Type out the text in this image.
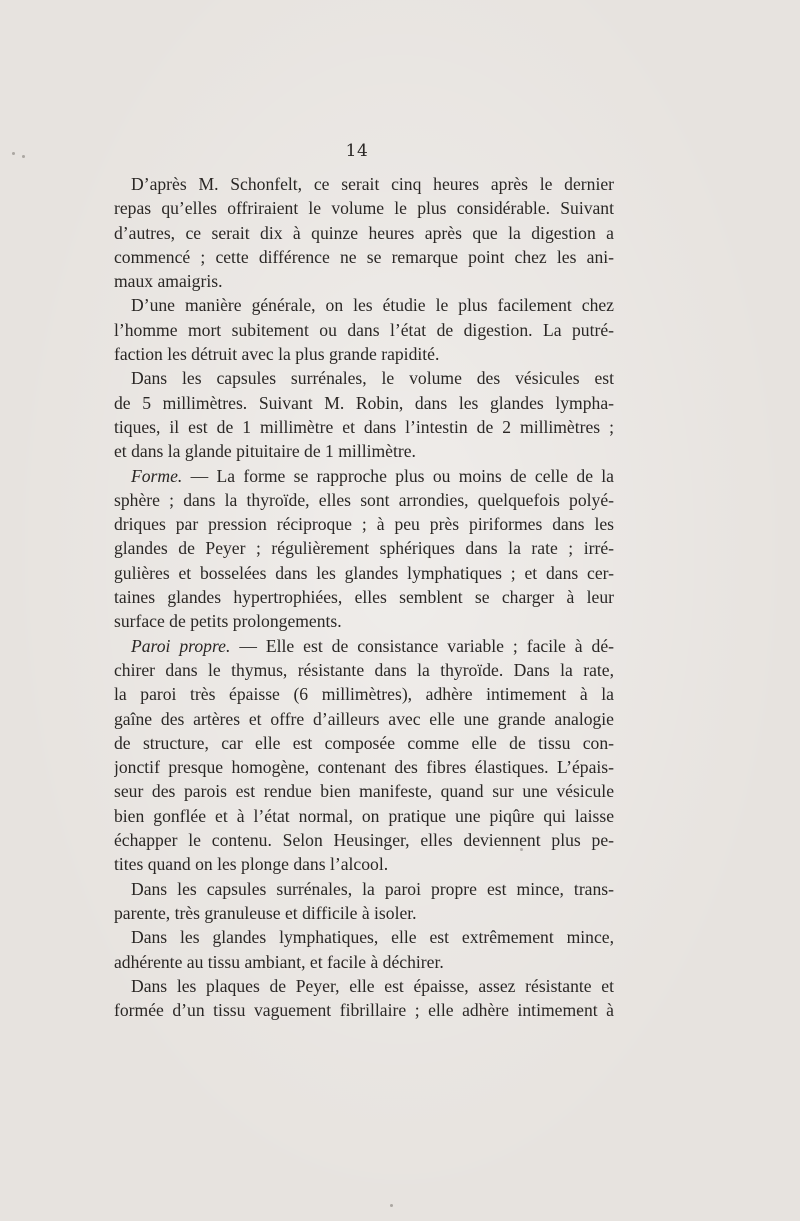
14
D’après M. Schonfelt, ce serait cinq heures après le dernier
repas qu’elles offriraient le volume le plus considérable. Suivant
d’autres, ce serait dix à quinze heures après que la digestion a
commencé ; cette différence ne se remarque point chez les ani-
maux amaigris.
D’une manière générale, on les étudie le plus facilement chez
l’homme mort subitement ou dans l’état de digestion. La putré-
faction les détruit avec la plus grande rapidité.
Dans les capsules surrénales, le volume des vésicules est
de 5 millimètres. Suivant M. Robin, dans les glandes lympha-
tiques, il est de 1 millimètre et dans l’intestin de 2 millimètres ;
et dans la glande pituitaire de 1 millimètre.
Forme. — La forme se rapproche plus ou moins de celle de la
sphère ; dans la thyroïde, elles sont arrondies, quelquefois polyé-
driques par pression réciproque ; à peu près piriformes dans les
glandes de Peyer ; régulièrement sphériques dans la rate ; irré-
gulières et bosselées dans les glandes lymphatiques ; et dans cer-
taines glandes hypertrophiées, elles semblent se charger à leur
surface de petits prolongements.
Paroi propre. — Elle est de consistance variable ; facile à dé-
chirer dans le thymus, résistante dans la thyroïde. Dans la rate,
la paroi très épaisse (6 millimètres), adhère intimement à la
gaîne des artères et offre d’ailleurs avec elle une grande analogie
de structure, car elle est composée comme elle de tissu con-
jonctif presque homogène, contenant des fibres élastiques. L’épais-
seur des parois est rendue bien manifeste, quand sur une vésicule
bien gonflée et à l’état normal, on pratique une piqûre qui laisse
échapper le contenu. Selon Heusinger, elles deviennent plus pe-
tites quand on les plonge dans l’alcool.
Dans les capsules surrénales, la paroi propre est mince, trans-
parente, très granuleuse et difficile à isoler.
Dans les glandes lymphatiques, elle est extrêmement mince,
adhérente au tissu ambiant, et facile à déchirer.
Dans les plaques de Peyer, elle est épaisse, assez résistante et
formée d’un tissu vaguement fibrillaire ; elle adhère intimement à
